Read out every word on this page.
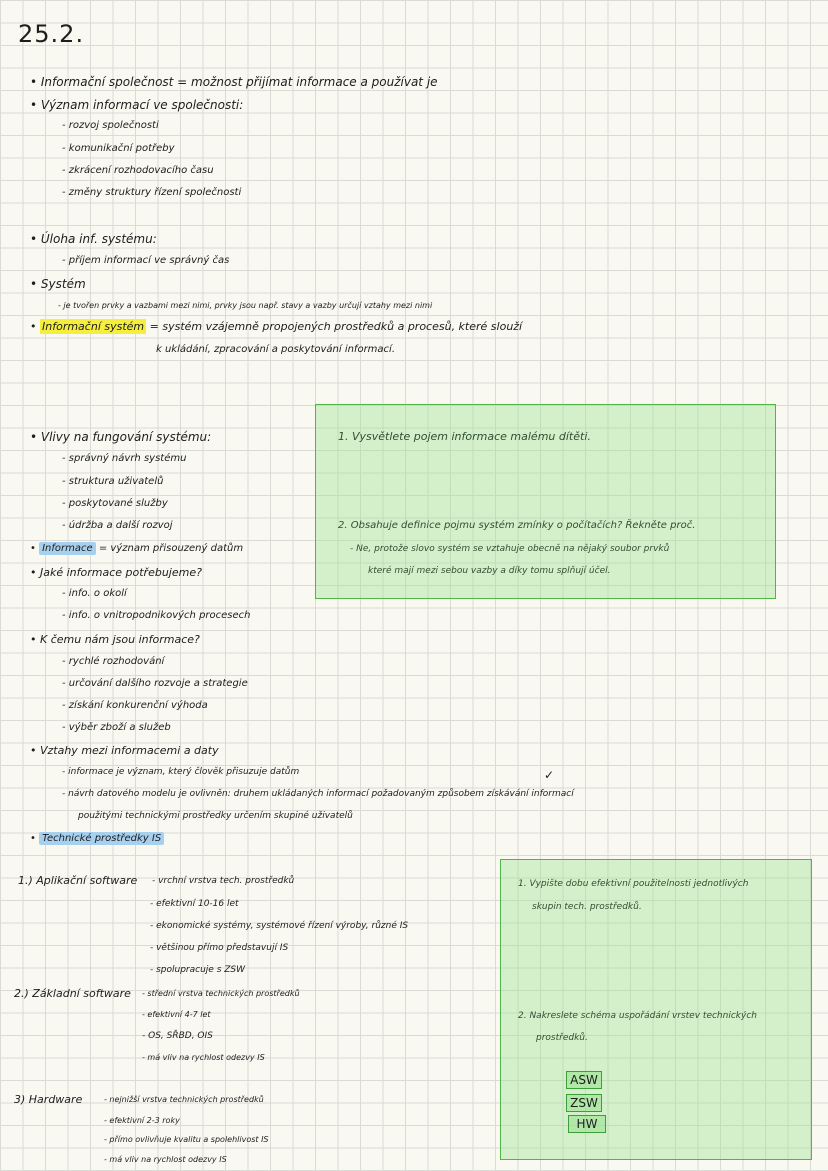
25.2.
• Informační společnost = možnost přijímat informace a používat je
• Význam informací ve společnosti:
- rozvoj společnosti
- komunikační potřeby
- zkrácení rozhodovacího času
- změny struktury řízení společnosti
• Úloha inf. systému:
- příjem informací ve správný čas
• Systém
- je tvořen prvky a vazbami mezi nimi, prvky jsou např. stavy a vazby určují vztahy mezi nimi
• Informační systém = systém vzájemně propojených prostředků a procesů, které slouží
k ukládání, zpracování a poskytování informací.
• Vlivy na fungování systému:
- správný návrh systému
- struktura uživatelů
- poskytované služby
- údržba a další rozvoj
• Informace = význam přisouzený datům
• Jaké informace potřebujeme?
- info. o okolí
- info. o vnitropodnikových procesech
• K čemu nám jsou informace?
- rychlé rozhodování
- určování dalšího rozvoje a strategie
- získání konkurenční výhoda
- výběr zboží a služeb
• Vztahy mezi informacemi a daty
- informace je význam, který člověk přisuzuje datům
- návrh datového modelu je ovlivněn: druhem ukládaných informací požadovaným způsobem získávání informací
použitými technickými prostředky určením skupiné uživatelů
✓
• Technické prostředky IS
1.) Aplikační software - vrchní vrstva tech. prostředků
- efektivní 10-16 let
- ekonomické systémy, systémové řízení výroby, různé IS
- většinou přímo představují IS
- spolupracuje s ZSW
2.) Základní software - střední vrstva technických prostředků
- efektivní 4-7 let
- OS, SŘBD, OIS
- má vliv na rychlost odezvy IS
3) Hardware	- nejnižší vrstva technických prostředků
- efektivní 2-3 roky
- přímo ovlivňuje kvalitu a spolehlivost IS
- má vliv na rychlost odezvy IS
1. Vysvětlete pojem informace malému dítěti.
2. Obsahuje definice pojmu systém zmínky o počítačích? Řekněte proč.
- Ne, protože slovo systém se vztahuje obecně na nějaký soubor prvků
které mají mezi sebou vazby a díky tomu splňují účel.
1. Vypište dobu efektivní použitelnosti jednotlivých
skupin tech. prostředků.
2. Nakreslete schéma uspořádání vrstev technických
prostředků.
ASW
ZSW
HW
